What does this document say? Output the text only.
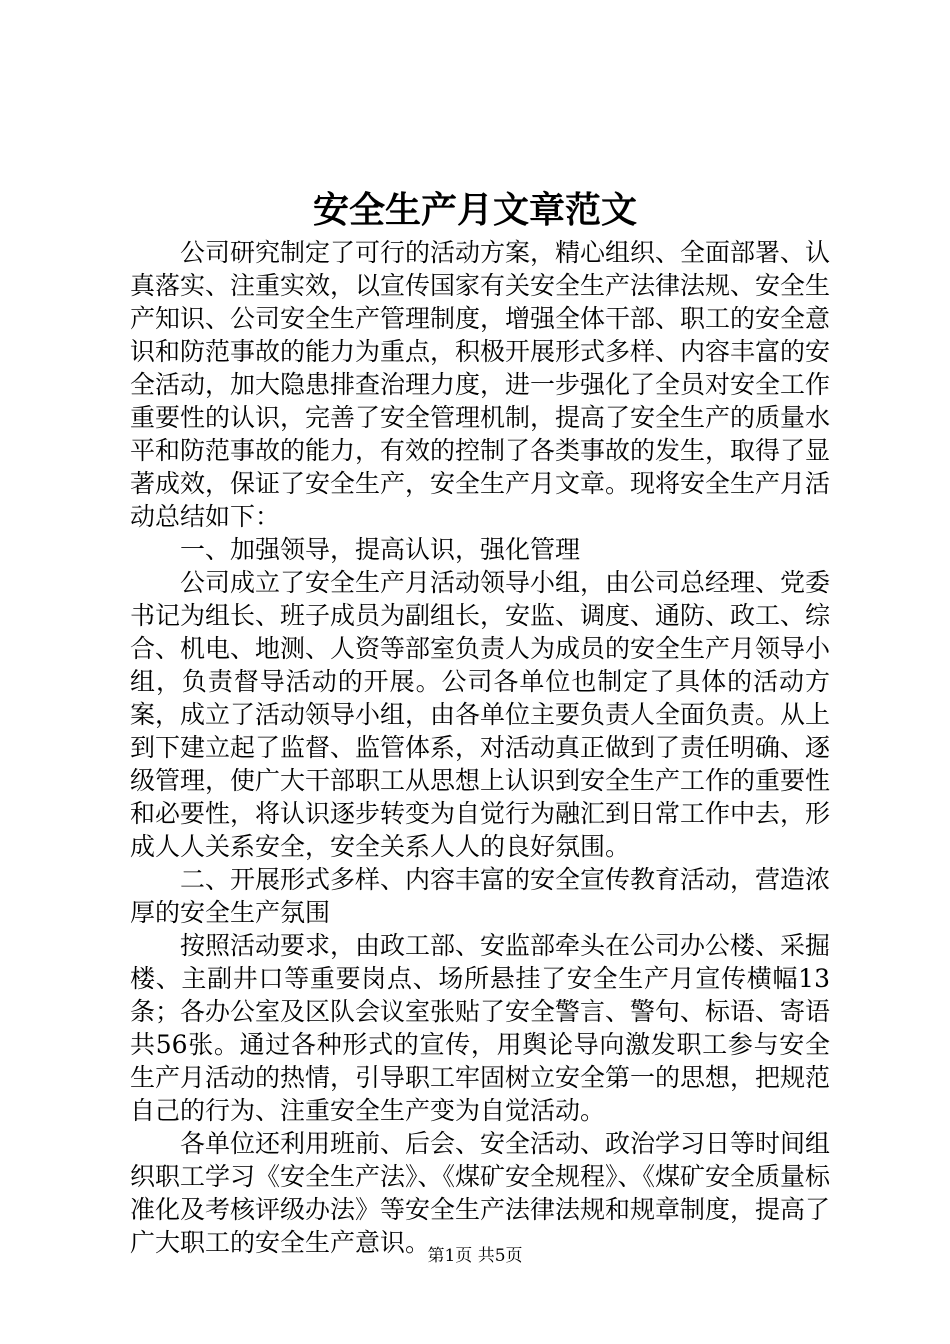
安全生产月文章范文

公司研究制定了可行的活动方案，精心组织、全面部署、认真落实、注重实效，以宣传国家有关安全生产法律法规、安全生产知识、公司安全生产管理制度，增强全体干部、职工的安全意识和防范事故的能力为重点，积极开展形式多样、内容丰富的安全活动，加大隐患排查治理力度，进一步强化了全员对安全工作重要性的认识，完善了安全管理机制，提高了安全生产的质量水平和防范事故的能力，有效的控制了各类事故的发生，取得了显著成效，保证了安全生产，安全生产月文章。现将安全生产月活动总结如下：

一、加强领导，提高认识，强化管理

公司成立了安全生产月活动领导小组，由公司总经理、党委书记为组长、班子成员为副组长，安监、调度、通防、政工、综合、机电、地测、人资等部室负责人为成员的安全生产月领导小组，负责督导活动的开展。公司各单位也制定了具体的活动方案，成立了活动领导小组，由各单位主要负责人全面负责。从上到下建立起了监督、监管体系，对活动真正做到了责任明确、逐级管理，使广大干部职工从思想上认识到安全生产工作的重要性和必要性，将认识逐步转变为自觉行为融汇到日常工作中去，形成人人关系安全，安全关系人人的良好氛围。

二、开展形式多样、内容丰富的安全宣传教育活动，营造浓厚的安全生产氛围

按照活动要求，由政工部、安监部牵头在公司办公楼、采掘楼、主副井口等重要岗点、场所悬挂了安全生产月宣传横幅13条；各办公室及区队会议室张贴了安全警言、警句、标语、寄语共56张。通过各种形式的宣传，用舆论导向激发职工参与安全生产月活动的热情，引导职工牢固树立安全第一的思想，把规范自己的行为、注重安全生产变为自觉活动。

各单位还利用班前、后会、安全活动、政治学习日等时间组织职工学习《安全生产法》、《煤矿安全规程》、《煤矿安全质量标准化及考核评级办法》等安全生产法律法规和规章制度，提高了广大职工的安全生产意识。

第1页 共5页
